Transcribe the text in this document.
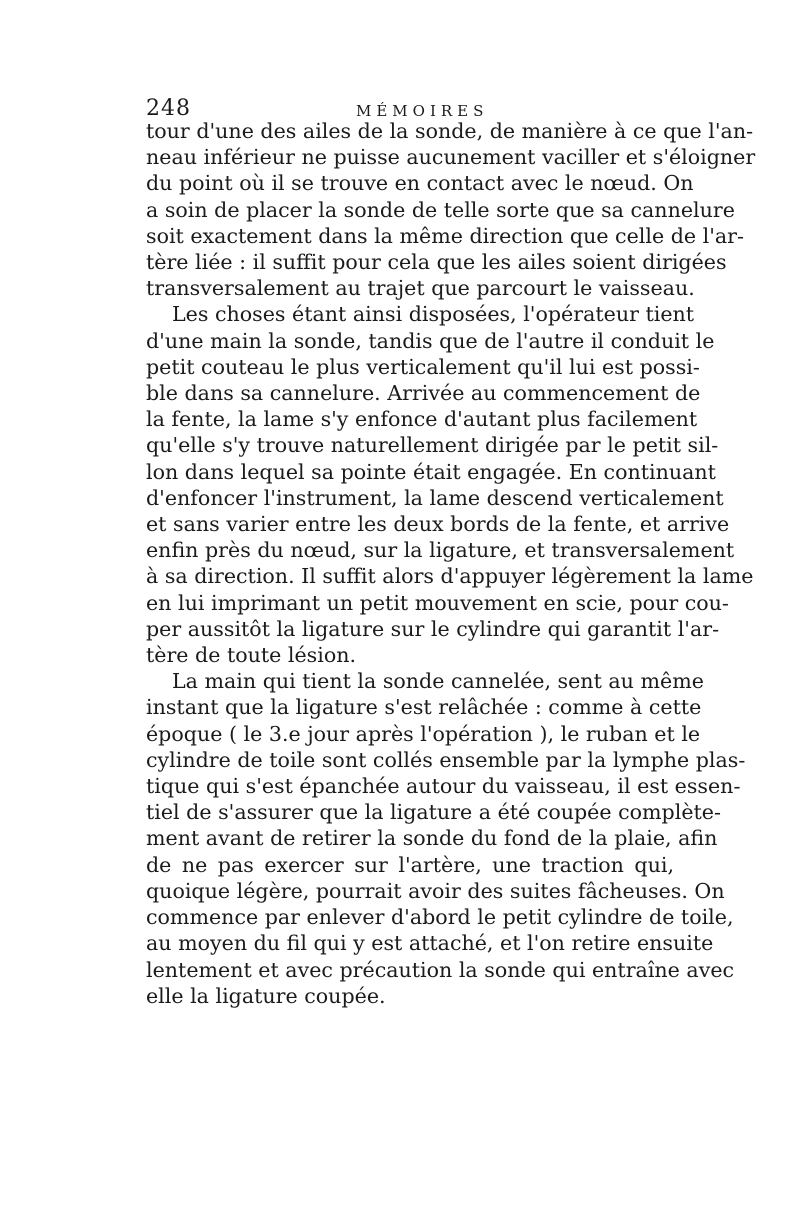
248	MÉMOIRES
tour d'une des ailes de la sonde, de manière à ce que l'an-
neau inférieur ne puisse aucunement vaciller et s'éloigner
du point où il se trouve en contact avec le nœud. On
a soin de placer la sonde de telle sorte que sa cannelure
soit exactement dans la même direction que celle de l'ar-
tère liée : il suffit pour cela que les ailes soient dirigées
transversalement au trajet que parcourt le vaisseau.
Les choses étant ainsi disposées, l'opérateur tient
d'une main la sonde, tandis que de l'autre il conduit le
petit couteau le plus verticalement qu'il lui est possi-
ble dans sa cannelure. Arrivée au commencement de
la fente, la lame s'y enfonce d'autant plus facilement
qu'elle s'y trouve naturellement dirigée par le petit sil-
lon dans lequel sa pointe était engagée. En continuant
d'enfoncer l'instrument, la lame descend verticalement
et sans varier entre les deux bords de la fente, et arrive
enfin près du nœud, sur la ligature, et transversalement
à sa direction. Il suffit alors d'appuyer légèrement la lame
en lui imprimant un petit mouvement en scie, pour cou-
per aussitôt la ligature sur le cylindre qui garantit l'ar-
tère de toute lésion.
La main qui tient la sonde cannelée, sent au même
instant que la ligature s'est relâchée : comme à cette
époque ( le 3.e jour après l'opération ), le ruban et le
cylindre de toile sont collés ensemble par la lymphe plas-
tique qui s'est épanchée autour du vaisseau, il est essen-
tiel de s'assurer que la ligature a été coupée complète-
ment avant de retirer la sonde du fond de la plaie, afin
de ne pas exercer sur l'artère, une traction qui,
quoique légère, pourrait avoir des suites fâcheuses. On
commence par enlever d'abord le petit cylindre de toile,
au moyen du fil qui y est attaché, et l'on retire ensuite
lentement et avec précaution la sonde qui entraîne avec
elle la ligature coupée.
